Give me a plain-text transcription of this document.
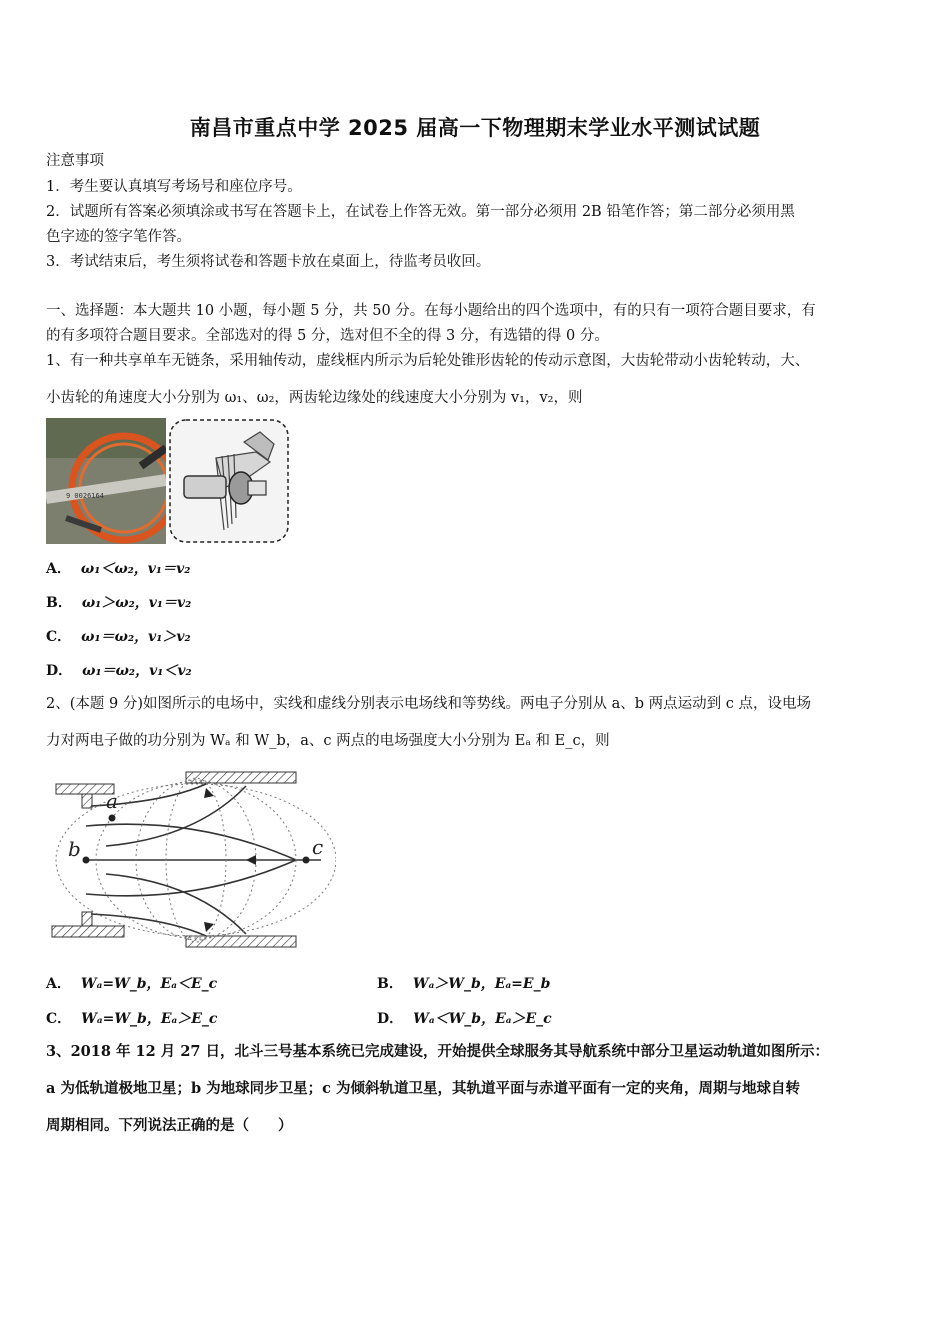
南昌市重点中学 2025 届高一下物理期末学业水平测试试题
注意事项
1．考生要认真填写考场号和座位序号。
2．试题所有答案必须填涂或书写在答题卡上，在试卷上作答无效。第一部分必须用 2B 铅笔作答；第二部分必须用黑
色字迹的签字笔作答。
3．考试结束后，考生须将试卷和答题卡放在桌面上，待监考员收回。
一、选择题：本大题共 10 小题，每小题 5 分，共 50 分。在每小题给出的四个选项中，有的只有一项符合题目要求，有
的有多项符合题目要求。全部选对的得 5 分，选对但不全的得 3 分，有选错的得 0 分。
1、有一种共享单车无链条，采用轴传动，虚线框内所示为后轮处锥形齿轮的传动示意图，大齿轮带动小齿轮转动，大、
小齿轮的角速度大小分别为 ω₁、ω₂，两齿轮边缘处的线速度大小分别为 v₁，v₂，则
9 0026164
A． ω₁＜ω₂，v₁＝v₂
B． ω₁＞ω₂，v₁＝v₂
C． ω₁＝ω₂，v₁＞v₂
D． ω₁＝ω₂，v₁＜v₂
2、(本题 9 分)如图所示的电场中，实线和虚线分别表示电场线和等势线。两电子分别从 a、b 两点运动到 c 点，设电场
力对两电子做的功分别为 Wₐ 和 W_b，a、c 两点的电场强度大小分别为 Eₐ 和 E_c，则
a
b	c
A． Wₐ=W_b，Eₐ＜E_c	B． Wₐ＞W_b，Eₐ=E_b
C． Wₐ=W_b，Eₐ＞E_c	D． Wₐ＜W_b，Eₐ＞E_c
3、2018 年 12 月 27 日，北斗三号基本系统已完成建设，开始提供全球服务其导航系统中部分卫星运动轨道如图所示：
a 为低轨道极地卫星；b 为地球同步卫星；c 为倾斜轨道卫星，其轨道平面与赤道平面有一定的夹角，周期与地球自转
周期相同。下列说法正确的是（　　）
